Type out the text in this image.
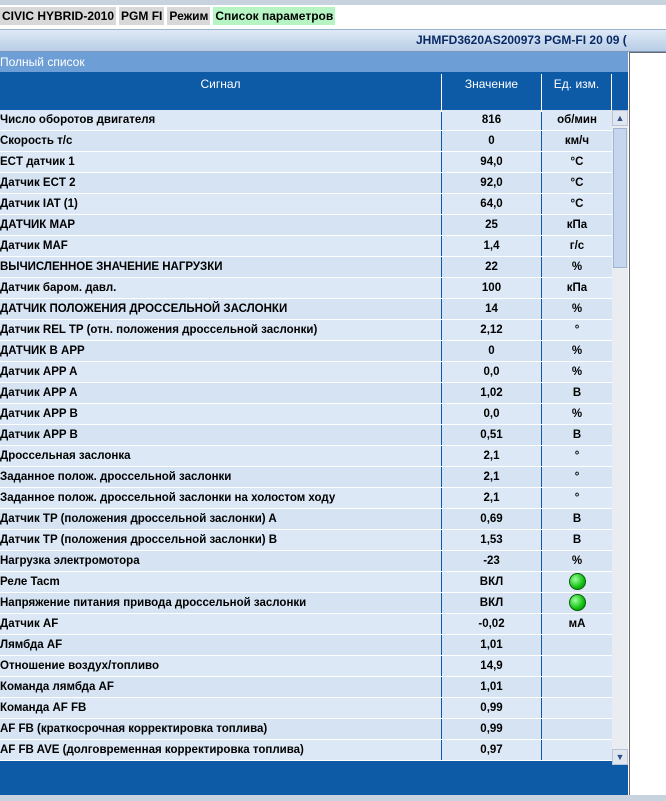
CIVIC HYBRID-2010 PGM FI Режим Список параметров
JHMFD3620AS200973 PGM-FI 20 09 (
Полный список
Сигнал	Значение	Ед. изм.
Число оборотов двигателя	816	об/мин
Скорость т/с	0	км/ч
ECT датчик 1	94,0	°C
Датчик ECT 2	92,0	°C
Датчик IAT (1)	64,0	°C
ДАТЧИК MAP	25	кПа
Датчик MAF	1,4	г/с
ВЫЧИСЛЕННОЕ ЗНАЧЕНИЕ НАГРУЗКИ	22	%
Датчик баром. давл.	100	кПа
ДАТЧИК ПОЛОЖЕНИЯ ДРОССЕЛЬНОЙ ЗАСЛОНКИ	14	%
Датчик REL TP (отн. положения дроссельной заслонки)	2,12	°
ДАТЧИК В APP	0	%
Датчик APP A	0,0	%
Датчик APP A	1,02	В
Датчик APP B	0,0	%
Датчик APP B	0,51	В
Дроссельная заслонка	2,1	°
Заданное полож. дроссельной заслонки	2,1	°
Заданное полож. дроссельной заслонки на холостом ходу	2,1	°
Датчик TP (положения дроссельной заслонки) A	0,69	В
Датчик TP (положения дроссельной заслонки) B	1,53	В
Нагрузка электромотора	-23	%
Реле Tacm	ВКЛ
Напряжение питания привода дроссельной заслонки	ВКЛ
Датчик AF	-0,02	мА
Лямбда AF	1,01
Отношение воздух/топливо	14,9
Команда лямбда AF	1,01
Команда AF FB	0,99
AF FB (краткосрочная корректировка топлива)	0,99
AF FB AVE (долговременная корректировка топлива)	0,97
▲
▼
